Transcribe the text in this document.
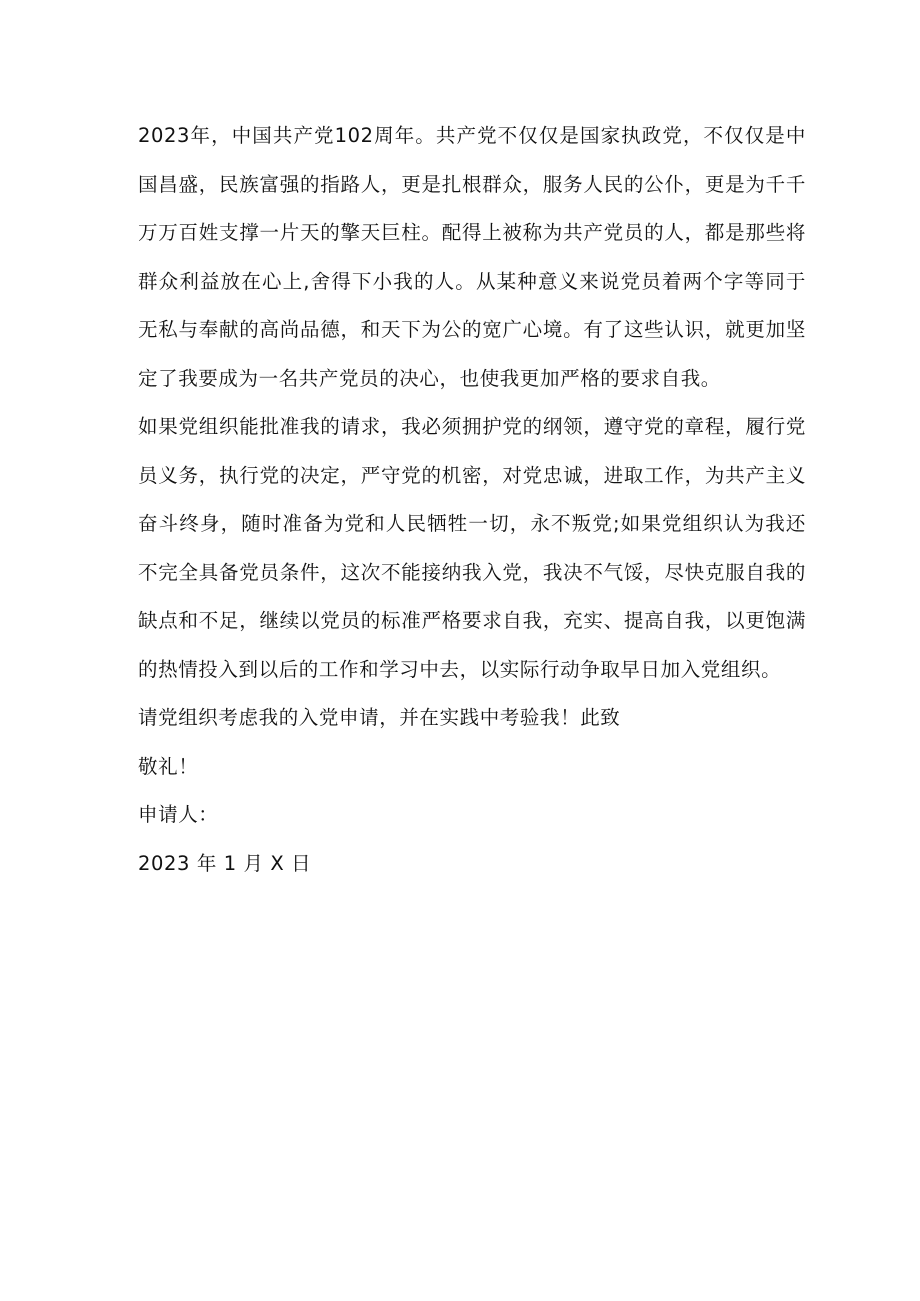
2023年，中国共产党102周年。共产党不仅仅是国家执政党，不仅仅是中国昌盛，民族富强的指路人，更是扎根群众，服务人民的公仆，更是为千千万万百姓支撑一片天的擎天巨柱。配得上被称为共产党员的人，都是那些将群众利益放在心上,舍得下小我的人。从某种意义来说党员着两个字等同于无私与奉献的高尚品德，和天下为公的宽广心境。有了这些认识，就更加坚定了我要成为一名共产党员的决心，也使我更加严格的要求自我。

如果党组织能批准我的请求，我必须拥护党的纲领，遵守党的章程，履行党员义务，执行党的决定，严守党的机密，对党忠诚，进取工作，为共产主义奋斗终身，随时准备为党和人民牺牲一切，永不叛党;如果党组织认为我还不完全具备党员条件，这次不能接纳我入党，我决不气馁，尽快克服自我的缺点和不足，继续以党员的标准严格要求自我，充实、提高自我，以更饱满的热情投入到以后的工作和学习中去，以实际行动争取早日加入党组织。

请党组织考虑我的入党申请，并在实践中考验我！此致

敬礼！

申请人：

2023 年 1 月 X 日
